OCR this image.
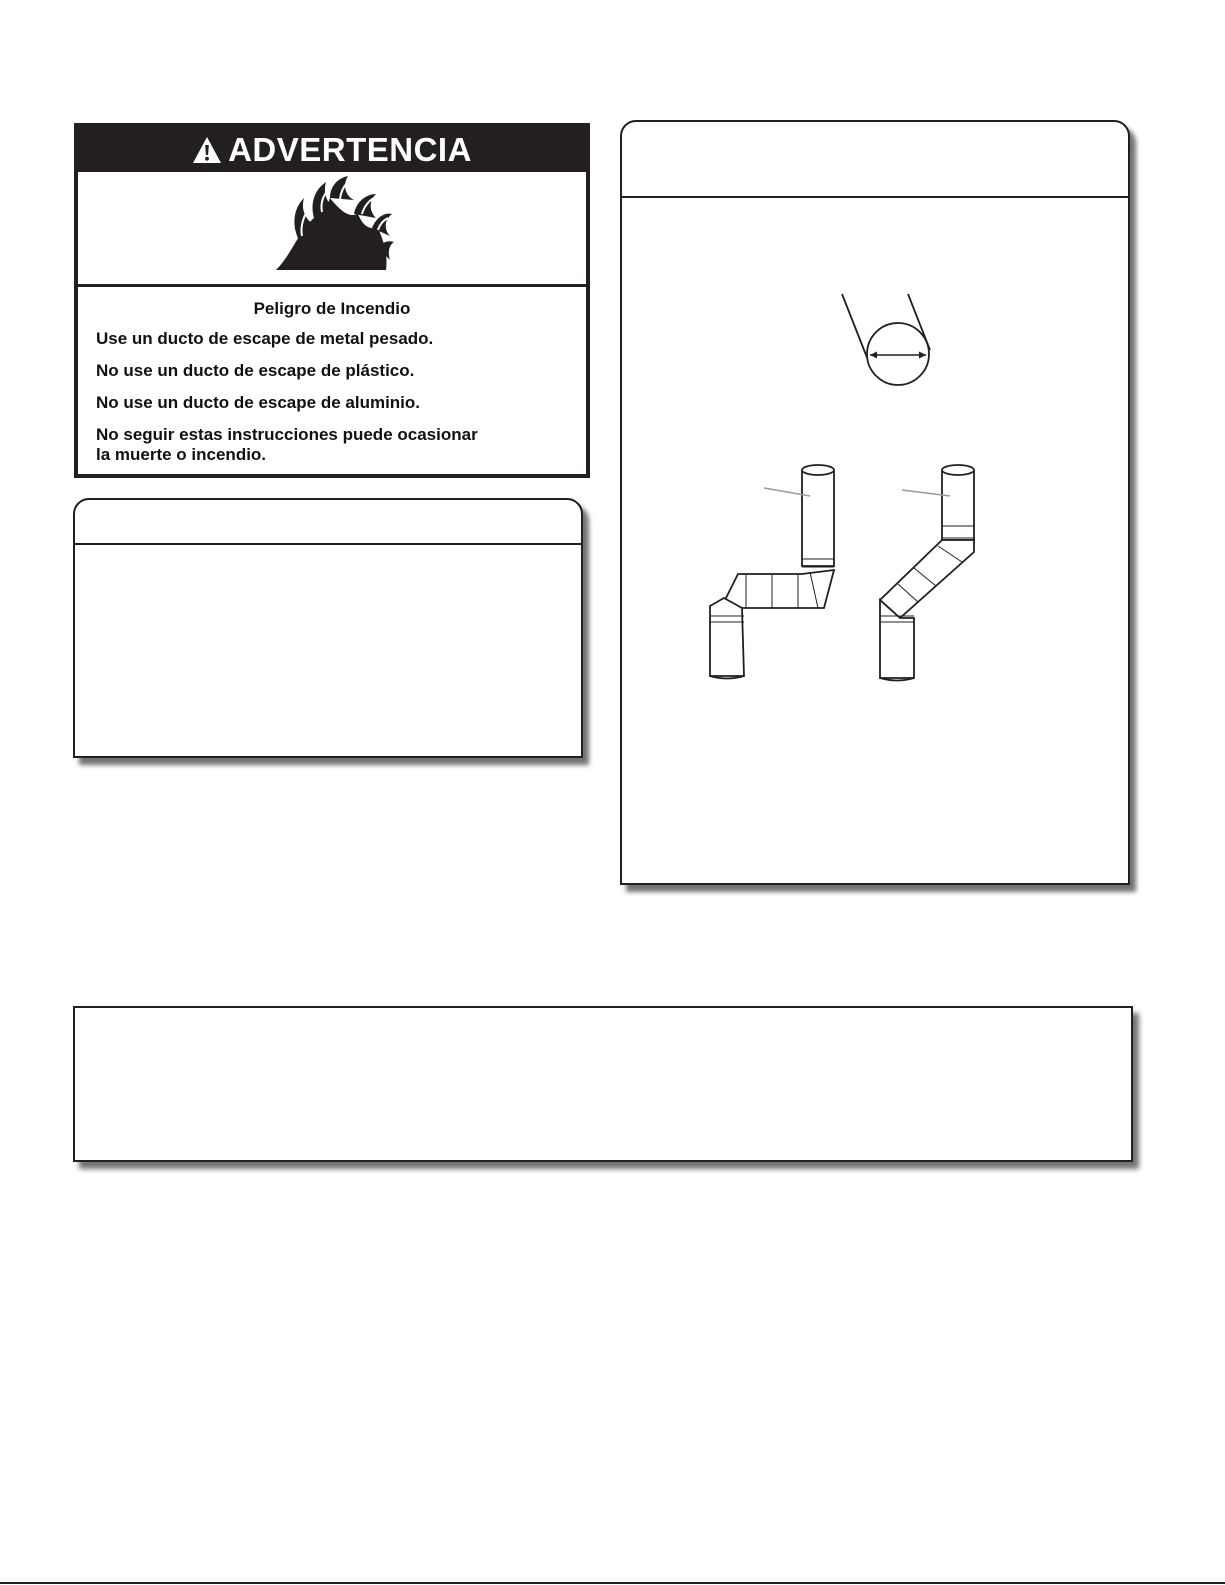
ADVERTENCIA
Peligro de Incendio
Use un ducto de escape de metal pesado.
No use un ducto de escape de plástico.
No use un ducto de escape de aluminio.
No seguir estas instrucciones puede ocasionar
la muerte o incendio.
